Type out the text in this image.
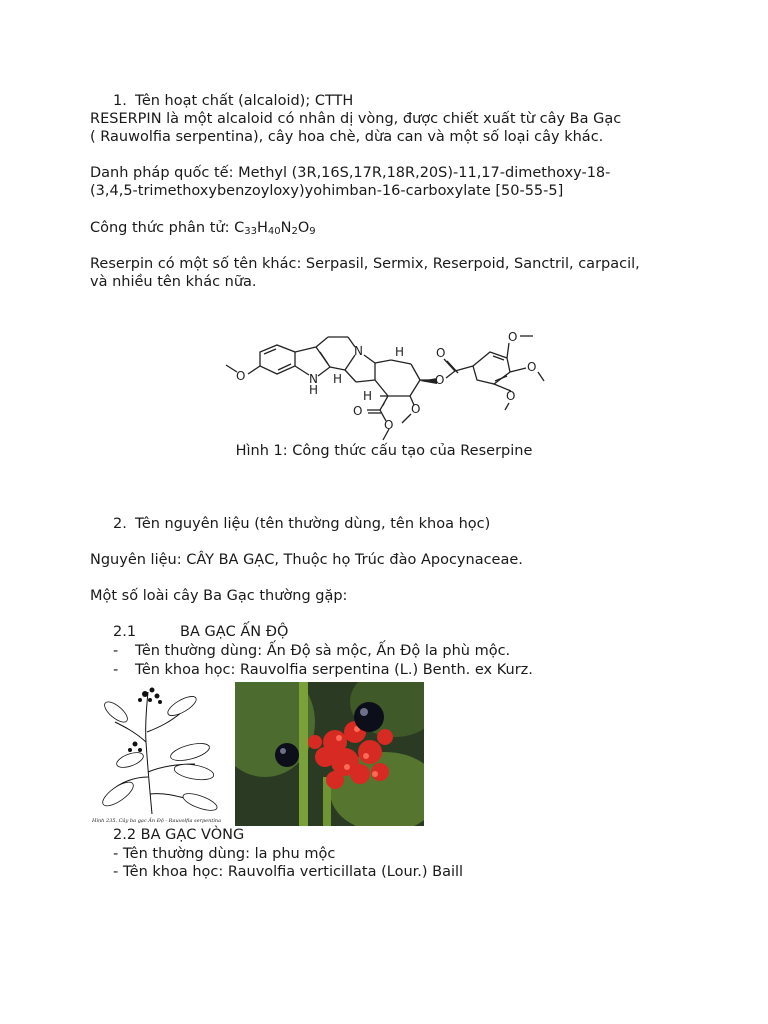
1. Tên hoạt chất (alcaloid); CTTH
RESERPIN là một alcaloid có nhân dị vòng, được chiết xuất từ cây Ba Gạc
( Rauwolfia serpentina), cây hoa chè, dừa can và một số loại cây khác.
Danh pháp quốc tế: Methyl (3R,16S,17R,18R,20S)-11,17-dimethoxy-18-
(3,4,5-trimethoxybenzoyloxy)yohimban-16-carboxylate [50-55-5]
Công thức phân tử: $C_{33}H_{40}N_2O_9$
Reserpin có một số tên khác: Serpasil, Sermix, Reserpoid, Sanctril, carpacil,
và nhiều tên khác nữa.
O
N
N
H
H
H
H
O
O
O
O
O
O
O
O
Hình 1: Công thức cấu tạo của Reserpine
2. Tên nguyên liệu (tên thường dùng, tên khoa học)
Nguyên liệu: CÂY BA GẠC, Thuộc họ Trúc đào Apocynaceae.
Một số loài cây Ba Gạc thường gặp:
2.1	BA GẠC ẤN ĐỘ
- Tên thường dùng: Ấn Độ sà mộc, Ấn Độ la phù mộc.
- Tên khoa học: Rauvolfia serpentina (L.) Benth. ex Kurz.
Hình 235. Cây ba gạc Ấn Độ - Rauvolfia serpentina
2.2 BA GẠC VÒNG
- Tên thường dùng: la phu mộc
- Tên khoa học: Rauvolfia verticillata (Lour.) Baill
